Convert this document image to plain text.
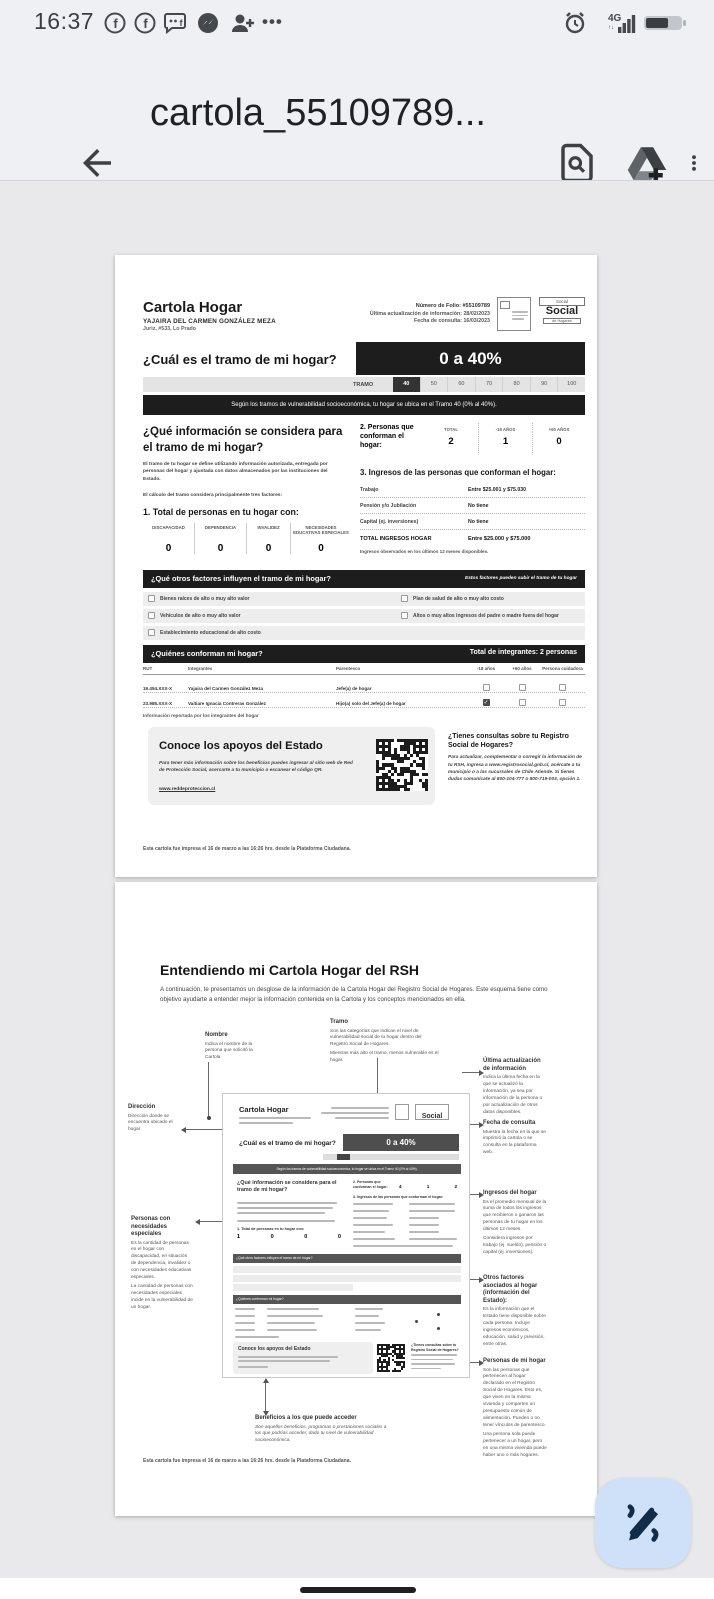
16:37 f f	f	•••	4G
↑↓
cartola_55109789...
Cartola Hogar
YAJAIRA DEL CARMEN GONZÁLEZ MEZA
Juriz, #533, Lo Prado
Número de Folio: #55109789
Última actualización de información: 28/02/2023
Fecha de consulta: 16/03/2023
Social
Social
de Hogares
¿Cuál es el tramo de mi hogar?	0 a 40%
TRAMO	40	50	60	70	80	90	100
Según los tramos de vulnerabilidad socioeconómica, tu hogar se ubica en el Tramo 40 (0% al 40%).
¿Qué información se considera para el tramo de mi hogar?
El tramo de tu hogar se define utilizando información autorizada, entregada por personas del hogar y ajustada con datos almacenados por las instituciones del Estado.
El cálculo del tramo considera principalmente tres factores:
1. Total de personas en tu hogar con:
DISCAPACIDAD	DEPENDENCIA	INVALIDEZ	NECESIDADES EDUCATIVAS ESPECIALES
0	0	0	0
2. Personas que conforman el hogar:
TOTAL	-18 AÑOS	+60 AÑOS
2	1	0
3. Ingresos de las personas que conforman el hogar:
Trabajo	Entre $25.001 y $75.030
Pensión y/o Jubilación	No tiene
Capital (ej. inversiones)	No tiene
TOTAL INGRESOS HOGAR	Entre $25.000 y $75.000
Ingresos observados en los últimos 12 meses disponibles.
¿Qué otros factores influyen el tramo de mi hogar?	Estos factores pueden subir el tramo de tu hogar
Bienes raíces de alto o muy alto valor	Plan de salud de alto o muy alto costo
Vehículos de alto o muy alto valor	Altos o muy altos ingresos del padre o madre fuera del hogar
Establecimiento educacional de alto costo
¿Quiénes conforman mi hogar?	Total de integrantes: 2 personas
RUT	Integrantes	Parentesco	-18 años	+60 años	Persona cuidadora
19.454.XXX-X	Yajaira del Carmen González Meza	Jefe(a) de hogar
23.985.XXX-X	Vaitiare Ignacia Contreras González	Hijo(a) solo del Jefe(a) de hogar	✓
Información reportada por los integrantes del hogar
Conoce los apoyos del Estado
Para tener más información sobre los beneficios puedes ingresar al sitio web de Red de Protección Social, acercarte a tu municipio o escanear el código QR.
www.reddeproteccion.cl
¿Tienes consultas sobre tu Registro Social de Hogares?
Para actualizar, complementar o corregir la información de tu RSH, ingresa a www.registrosocial.gob.cl, acércate a tu municipio o a las sucursales de Chile Atiende. Si tienes dudas comunícate al 800-104-777 o 800-719-003, opción 1.
Esta cartola fue impresa el 16 de marzo a las 16:26 hrs. desde la Plataforma Ciudadana.
Entendiendo mi Cartola Hogar del RSH
A continuación, te presentamos un desglose de la información de la Cartola Hogar del Registro Social de Hogares. Este esquema tiene como objetivo ayudarte a entender mejor la información contenida en la Cartola y los conceptos mencionados en ella.
Nombre
Indica el nombre de la persona que solicitó la Cartola
Tramo
Son las categorías que indican el nivel de vulnerabilidad social de tu hogar dentro del Registro Social de Hogares.
Mientras más alto el tramo, menos vulnerable es el hogar.
Dirección
Dirección donde se encuentra ubicado el hogar
Última actualización de información
Indica la última fecha en la que se actualizó la información, ya sea por información de la persona o por actualización de otros datos disponibles.
Fecha de consulta
Muestra la fecha en la que se imprimió la cartola o se consulta en la plataforma web.
Ingresos del hogar
Es el promedio mensual de la suma de todos los ingresos que recibieron o ganaron las personas de tu hogar en los últimos 12 meses.
Considera ingresos por trabajo (ej. sueldo), pensión o capital (ej. inversiones).
Otros factores asociados al hogar (información del Estado):
Es la información que el Estado tiene disponible sobre cada persona. Incluye ingresos económicos, educación, salud y previsión, entre otras.
Personas de mi hogar
Son las personas que pertenecen al hogar declarado en el Registro Social de Hogares. Esto es, que viven en la misma vivienda y comparten un presupuesto común de alimentación. Pueden o no tener vínculos de parentesco.
Una persona sola puede pertenecer a un hogar, pero en una misma vivienda puede haber uno o más hogares.
Personas con necesidades especiales
Es la cantidad de personas en el hogar con discapacidad, en situación de dependencia, invalidez o con necesidades educativas especiales.
La cantidad de personas con necesidades especiales incide en la vulnerabilidad de un hogar.
Beneficios a los que puede acceder
Son aquellos beneficios, programas o prestaciones sociales a los que podrías acceder, dado tu nivel de vulnerabilidad socioeconómica.
Cartola Hogar
Social
¿Cuál es el tramo de mi hogar?	0 a 40%
Según los tramos de vulnerabilidad socioeconómica, tu hogar se ubica en el Tramo 40 (0% al 40%).
¿Qué información se considera para el tramo de mi hogar?
1. Total de personas en tu hogar con:
1	0	0	0
2. Personas que conforman el hogar:	4	1	2
3. Ingresos de las personas que conforman el hogar:
¿Qué otros factores influyen el tramo de mi hogar?
¿Quiénes conforman mi hogar?
Conoce los apoyos del Estado
¿Tienes consultas sobre tu Registro Social de Hogares?
Esta cartola fue impresa el 16 de marzo a las 16:26 hrs. desde la Plataforma Ciudadana.
